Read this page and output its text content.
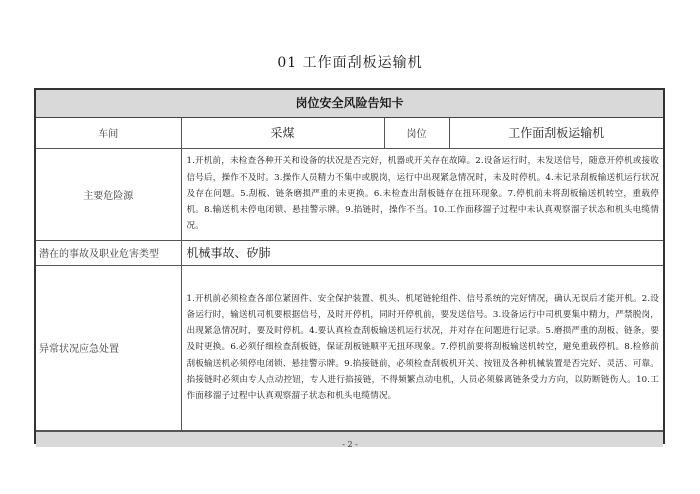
01 工作面刮板运输机
岗位安全风险告知卡
车间	采煤	岗位	工作面刮板运输机
主要危险源	1.开机前，未检查各种开关和设备的状况是否完好，机器或开关存在故障。2.设备运行时，未发送信号，随意开停机或接收信号后，操作不及时。3.操作人员精力不集中或脱岗，运行中出现紧急情况时，未及时停机。4.未记录刮板输送机运行状况及存在问题。5.刮板、链条磨损严重的未更换。6.未检查出刮板链存在扭环现象。7.停机前未将刮板输送机转空，重载停机。8.输送机未停电闭锁、悬挂警示牌。9.掐链时，操作不当。10.工作面移溜子过程中未认真观察溜子状态和机头电缆情况。		
潜在的事故及职业危害类型	机械事故、矽肺		
异常状况应急处置	1.开机前必须检查各部位紧固件、安全保护装置、机头、机尾链轮组件、信号系统的完好情况，确认无误后才能开机。2.设备运行时，输送机司机要根据信号，及时开停机，同时开停机前，要发送信号。3.设备运行中司机要集中精力，严禁脱岗，出现紧急情况时，要及时停机。4.要认真检查刮板输送机运行状况，并对存在问题进行记录。5.磨损严重的刮板、链条，要及时更换。6.必须仔细检查刮板链，保证刮板链顺平无扭环现象。7.停机前要将刮板输送机转空，避免重载停机。8.检修前刮板输送机必须停电闭锁、悬挂警示牌。9.掐接链前，必须检查刮板机开关、按钮及各种机械装置是否完好、灵活、可靠。掐接链时必须由专人点动控钮，专人进行掐接链，不得频繁点动电机，人员必须躲离链条受力方向，以防断链伤人。10.工作面移溜子过程中认真观察溜子状态和机头电缆情况。		
- 2 -
